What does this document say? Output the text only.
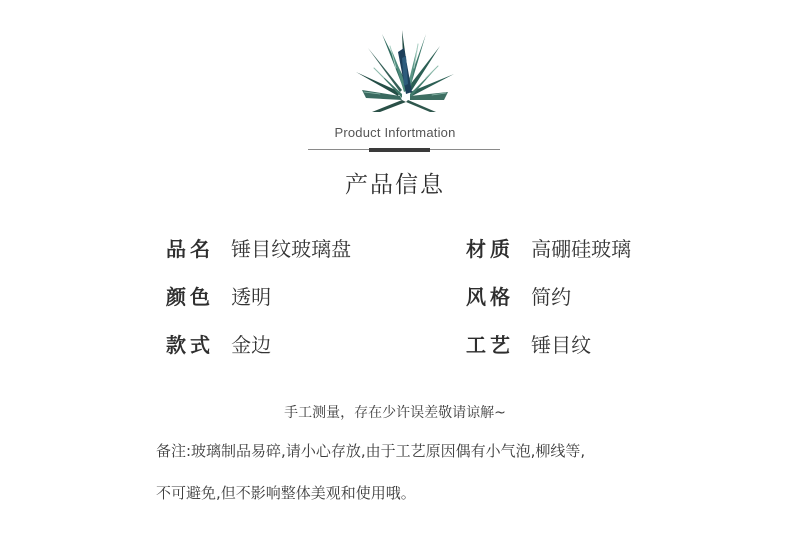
Product Infortmation
产品信息
品名 锤目纹玻璃盘
颜色 透明
款式 金边
材质 高硼硅玻璃
风格 简约
工艺 锤目纹
手工测量，存在少许误差敬请谅解~
备注:玻璃制品易碎,请小心存放,由于工艺原因偶有小气泡,柳线等,
不可避免,但不影响整体美观和使用哦。
